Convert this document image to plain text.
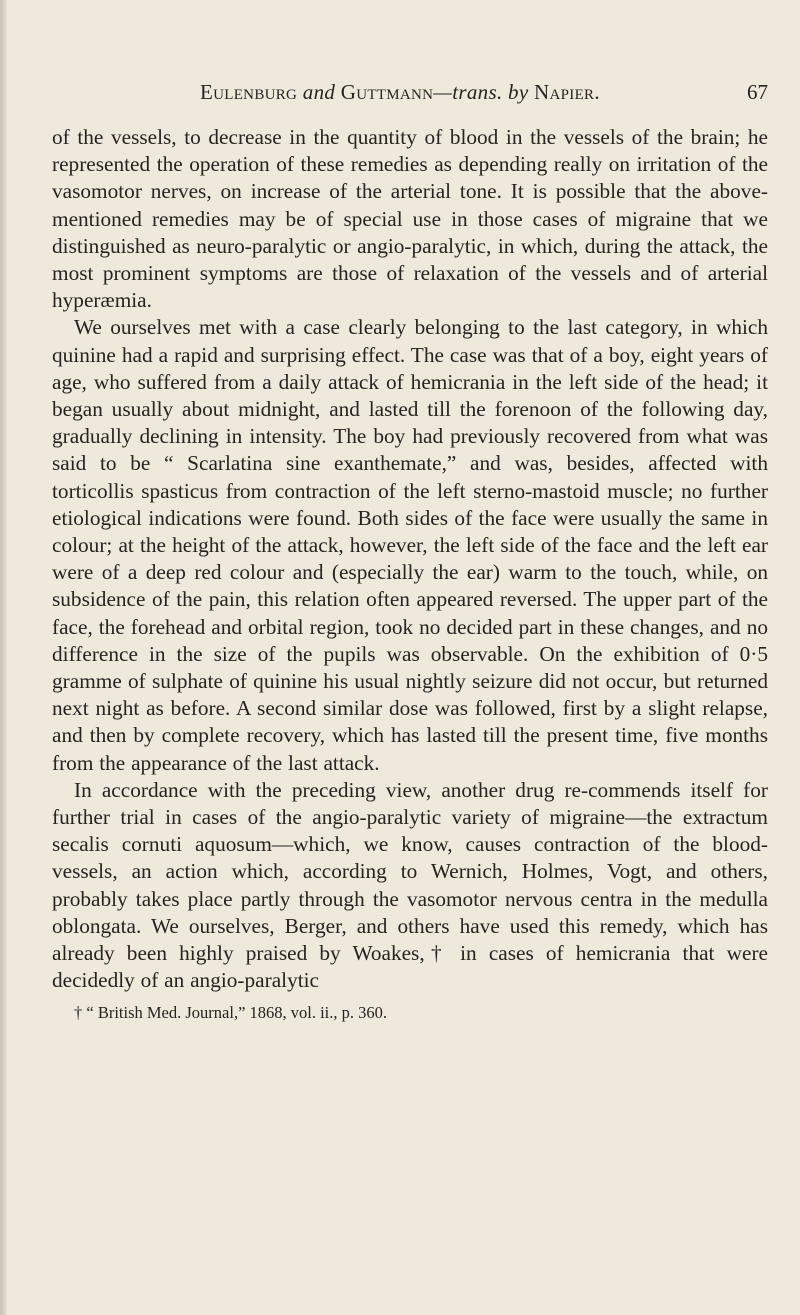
Eulenburg and Guttmann—trans. by Napier.	67

of the vessels, to decrease in the quantity of blood in the vessels of the brain; he represented the operation of these remedies as depending really on irritation of the vasomotor nerves, on increase of the arterial tone. It is possible that the above-mentioned remedies may be of special use in those cases of migraine that we distinguished as neuro-paralytic or angio-paralytic, in which, during the attack, the most prominent symptoms are those of relaxation of the vessels and of arterial hyperæmia.

We ourselves met with a case clearly belonging to the last category, in which quinine had a rapid and surprising effect. The case was that of a boy, eight years of age, who suffered from a daily attack of hemicrania in the left side of the head; it began usually about midnight, and lasted till the forenoon of the following day, gradually declining in intensity. The boy had previously recovered from what was said to be “ Scarlatina sine exanthemate,” and was, besides, affected with torticollis spasticus from contraction of the left sterno-mastoid muscle; no further etiological indications were found. Both sides of the face were usually the same in colour; at the height of the attack, however, the left side of the face and the left ear were of a deep red colour and (especially the ear) warm to the touch, while, on subsidence of the pain, this relation often appeared reversed. The upper part of the face, the forehead and orbital region, took no decided part in these changes, and no difference in the size of the pupils was observable. On the exhibition of 0·5 gramme of sulphate of quinine his usual nightly seizure did not occur, but returned next night as before. A second similar dose was followed, first by a slight relapse, and then by complete recovery, which has lasted till the present time, five months from the appearance of the last attack.

In accordance with the preceding view, another drug re-commends itself for further trial in cases of the angio-paralytic variety of migraine—the extractum secalis cornuti aquosum—which, we know, causes contraction of the blood-vessels, an action which, according to Wernich, Holmes, Vogt, and others, probably takes place partly through the vasomotor nervous centra in the medulla oblongata. We ourselves, Berger, and others have used this remedy, which has already been highly praised by Woakes,† in cases of hemicrania that were decidedly of an angio-paralytic

† “ British Med. Journal,” 1868, vol. ii., p. 360.
